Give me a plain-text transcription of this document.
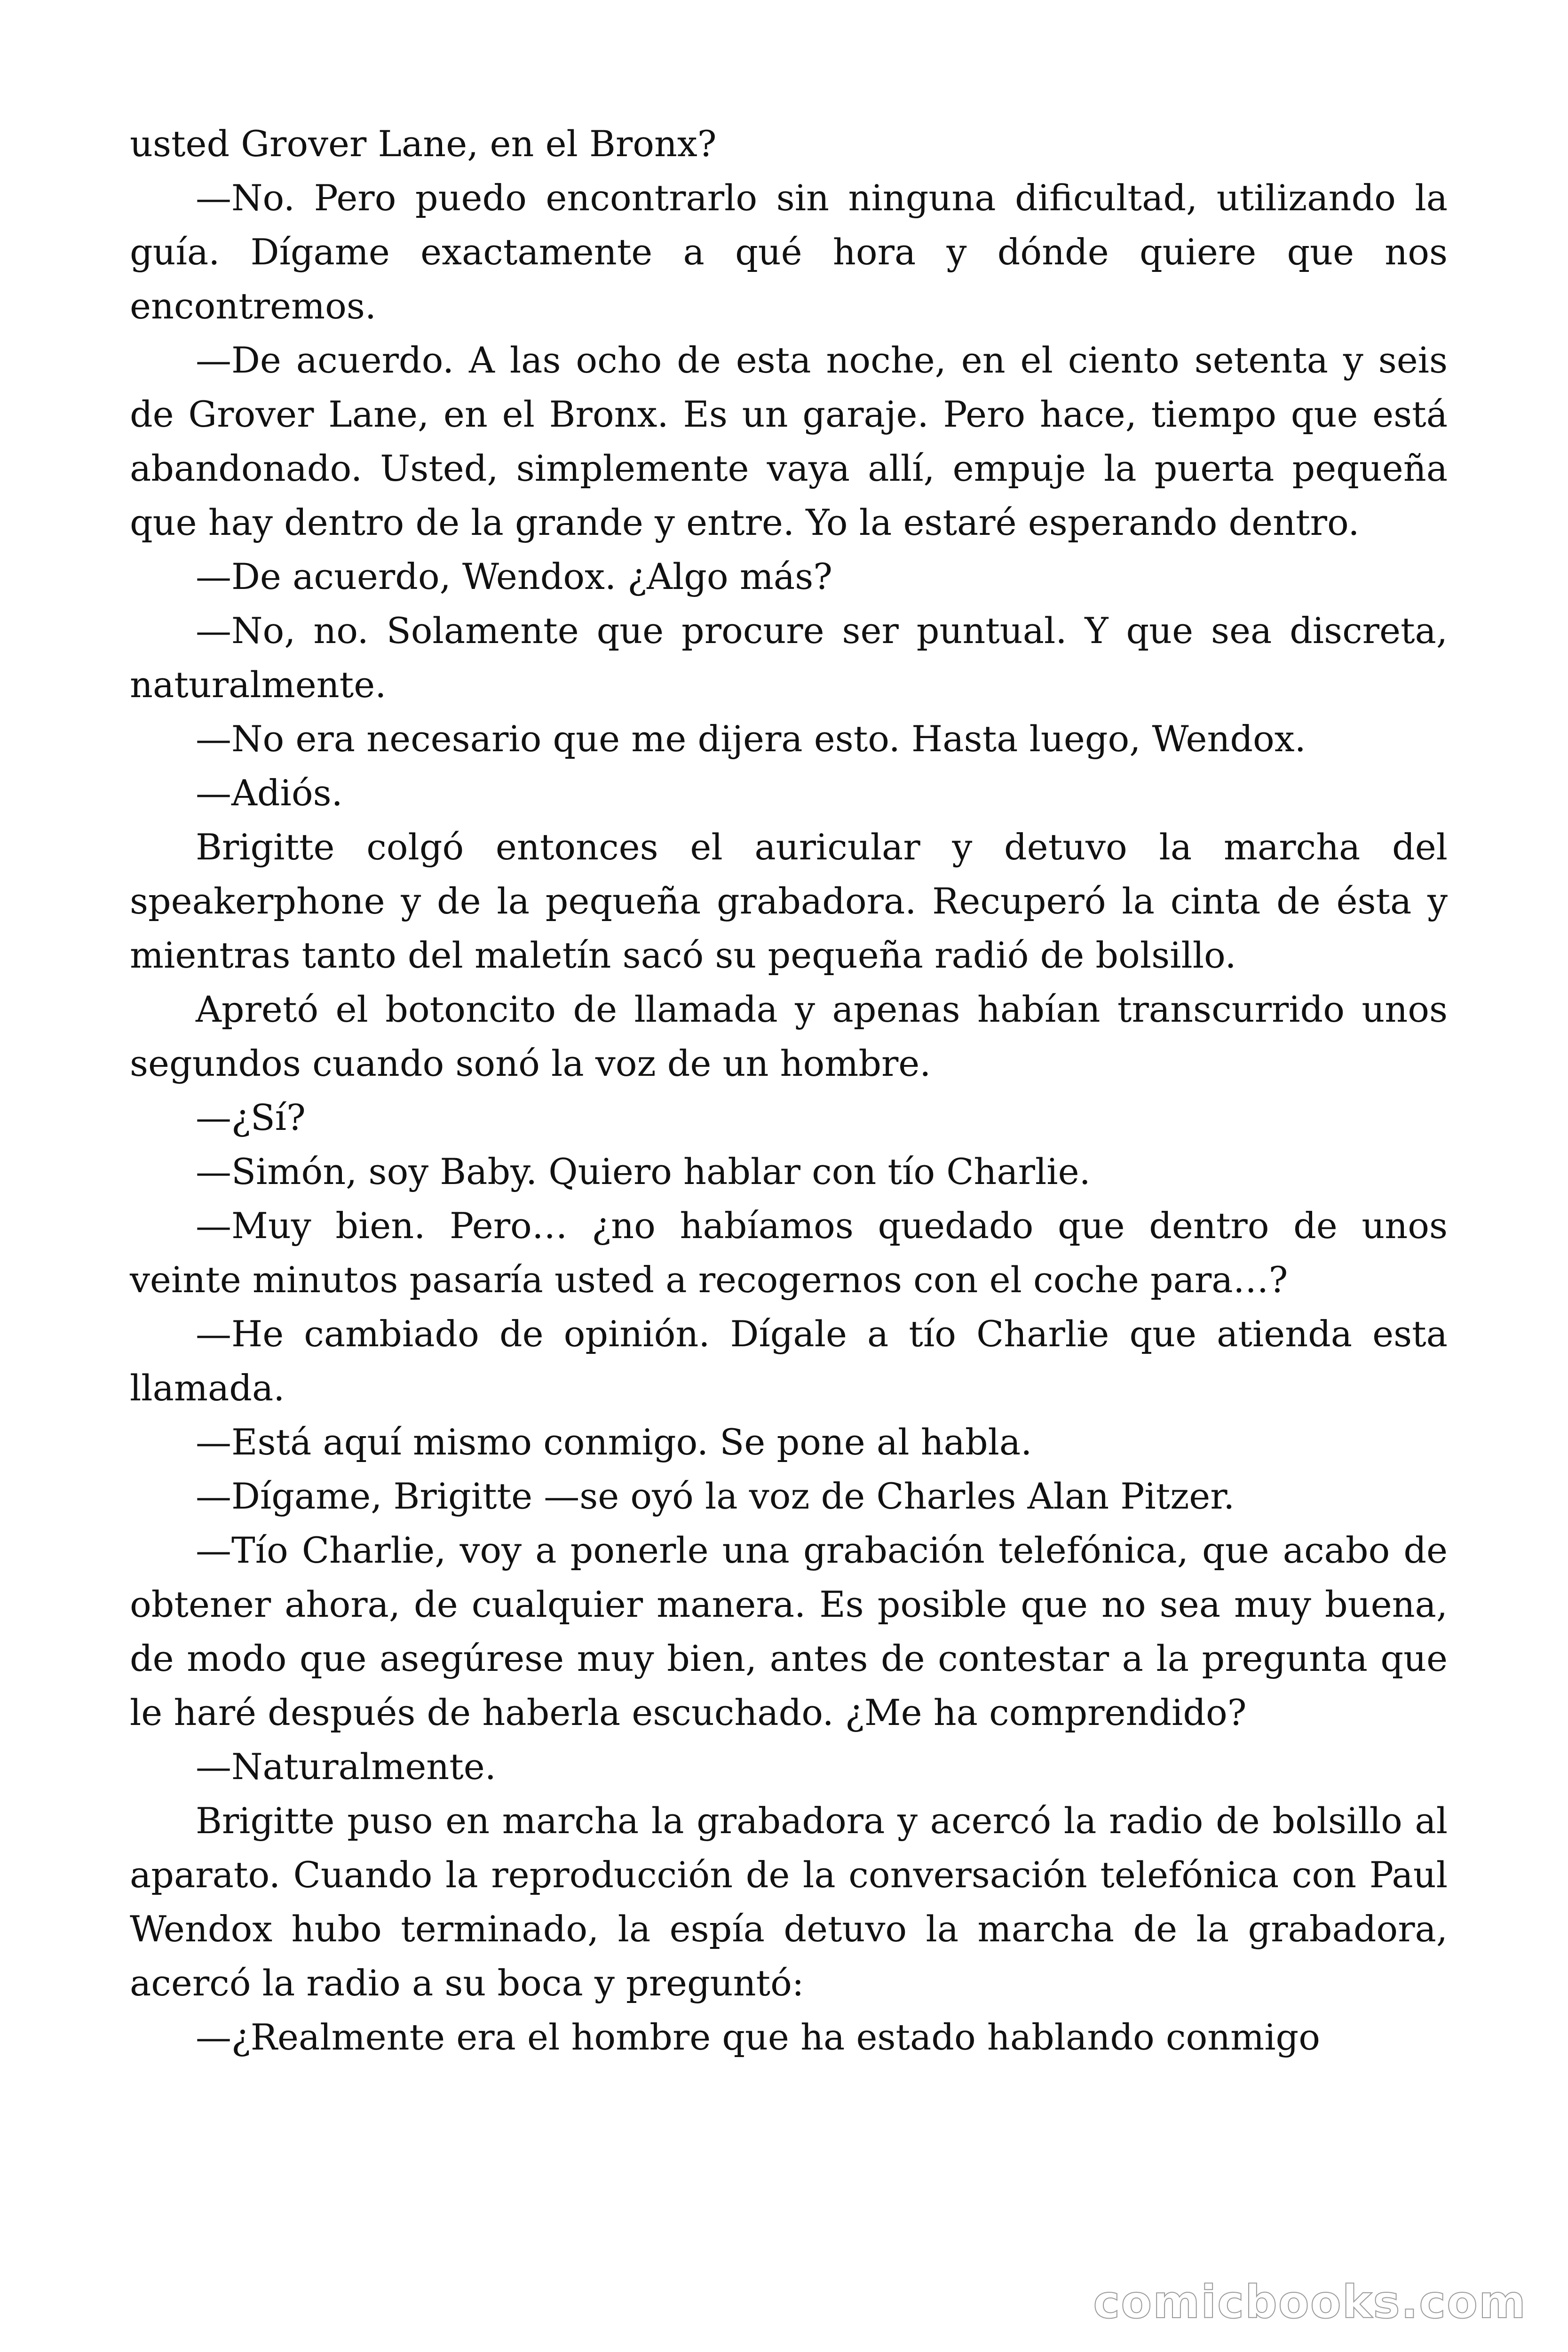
usted Grover Lane, en el Bronx?

—No. Pero puedo encontrarlo sin ninguna dificultad, utilizando la guía. Dígame exactamente a qué hora y dónde quiere que nos encontremos.

—De acuerdo. A las ocho de esta noche, en el ciento setenta y seis de Grover Lane, en el Bronx. Es un garaje. Pero hace, tiempo que está abandonado. Usted, simplemente vaya allí, empuje la puerta pequeña que hay dentro de la grande y entre. Yo la estaré esperando dentro.

—De acuerdo, Wendox. ¿Algo más?

—No, no. Solamente que procure ser puntual. Y que sea discreta, naturalmente.

—No era necesario que me dijera esto. Hasta luego, Wendox.

—Adiós.

Brigitte colgó entonces el auricular y detuvo la marcha del speakerphone y de la pequeña grabadora. Recuperó la cinta de ésta y mientras tanto del maletín sacó su pequeña radió de bolsillo.

Apretó el botoncito de llamada y apenas habían transcurrido unos segundos cuando sonó la voz de un hombre.

—¿Sí?

—Simón, soy Baby. Quiero hablar con tío Charlie.

—Muy bien. Pero… ¿no habíamos quedado que dentro de unos veinte minutos pasaría usted a recogernos con el coche para…?

—He cambiado de opinión. Dígale a tío Charlie que atienda esta llamada.

—Está aquí mismo conmigo. Se pone al habla.

—Dígame, Brigitte —se oyó la voz de Charles Alan Pitzer.

—Tío Charlie, voy a ponerle una grabación telefónica, que acabo de obtener ahora, de cualquier manera. Es posible que no sea muy buena, de modo que asegúrese muy bien, antes de contestar a la pregunta que le haré después de haberla escuchado. ¿Me ha comprendido?

—Naturalmente.

Brigitte puso en marcha la grabadora y acercó la radio de bolsillo al aparato. Cuando la reproducción de la conversación telefónica con Paul Wendox hubo terminado, la espía detuvo la marcha de la grabadora, acercó la radio a su boca y preguntó:

—¿Realmente era el hombre que ha estado hablando conmigo

comicbooks.com
